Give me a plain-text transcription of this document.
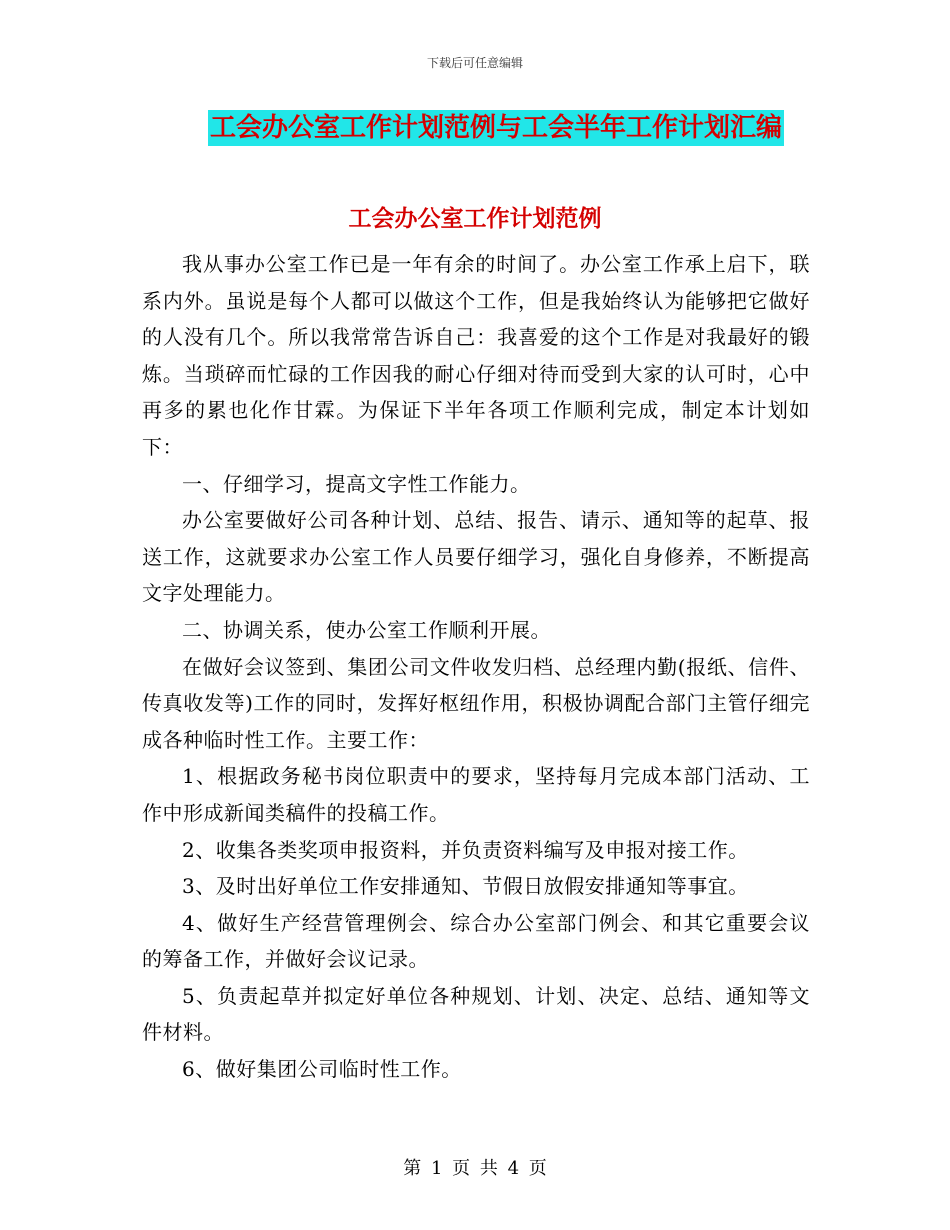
下载后可任意编辑
工会办公室工作计划范例与工会半年工作计划汇编
工会办公室工作计划范例

我从事办公室工作已是一年有余的时间了。办公室工作承上启下，联系内外。虽说是每个人都可以做这个工作，但是我始终认为能够把它做好的人没有几个。所以我常常告诉自己：我喜爱的这个工作是对我最好的锻炼。当琐碎而忙碌的工作因我的耐心仔细对待而受到大家的认可时，心中再多的累也化作甘霖。为保证下半年各项工作顺利完成，制定本计划如下：

一、仔细学习，提高文字性工作能力。

办公室要做好公司各种计划、总结、报告、请示、通知等的起草、报送工作，这就要求办公室工作人员要仔细学习，强化自身修养，不断提高文字处理能力。

二、协调关系，使办公室工作顺利开展。

在做好会议签到、集团公司文件收发归档、总经理内勤(报纸、信件、传真收发等)工作的同时，发挥好枢纽作用，积极协调配合部门主管仔细完成各种临时性工作。主要工作：

1、根据政务秘书岗位职责中的要求，坚持每月完成本部门活动、工作中形成新闻类稿件的投稿工作。

2、收集各类奖项申报资料，并负责资料编写及申报对接工作。

3、及时出好单位工作安排通知、节假日放假安排通知等事宜。

4、做好生产经营管理例会、综合办公室部门例会、和其它重要会议的筹备工作，并做好会议记录。

5、负责起草并拟定好单位各种规划、计划、决定、总结、通知等文件材料。

6、做好集团公司临时性工作。

第 1 页 共 4 页
